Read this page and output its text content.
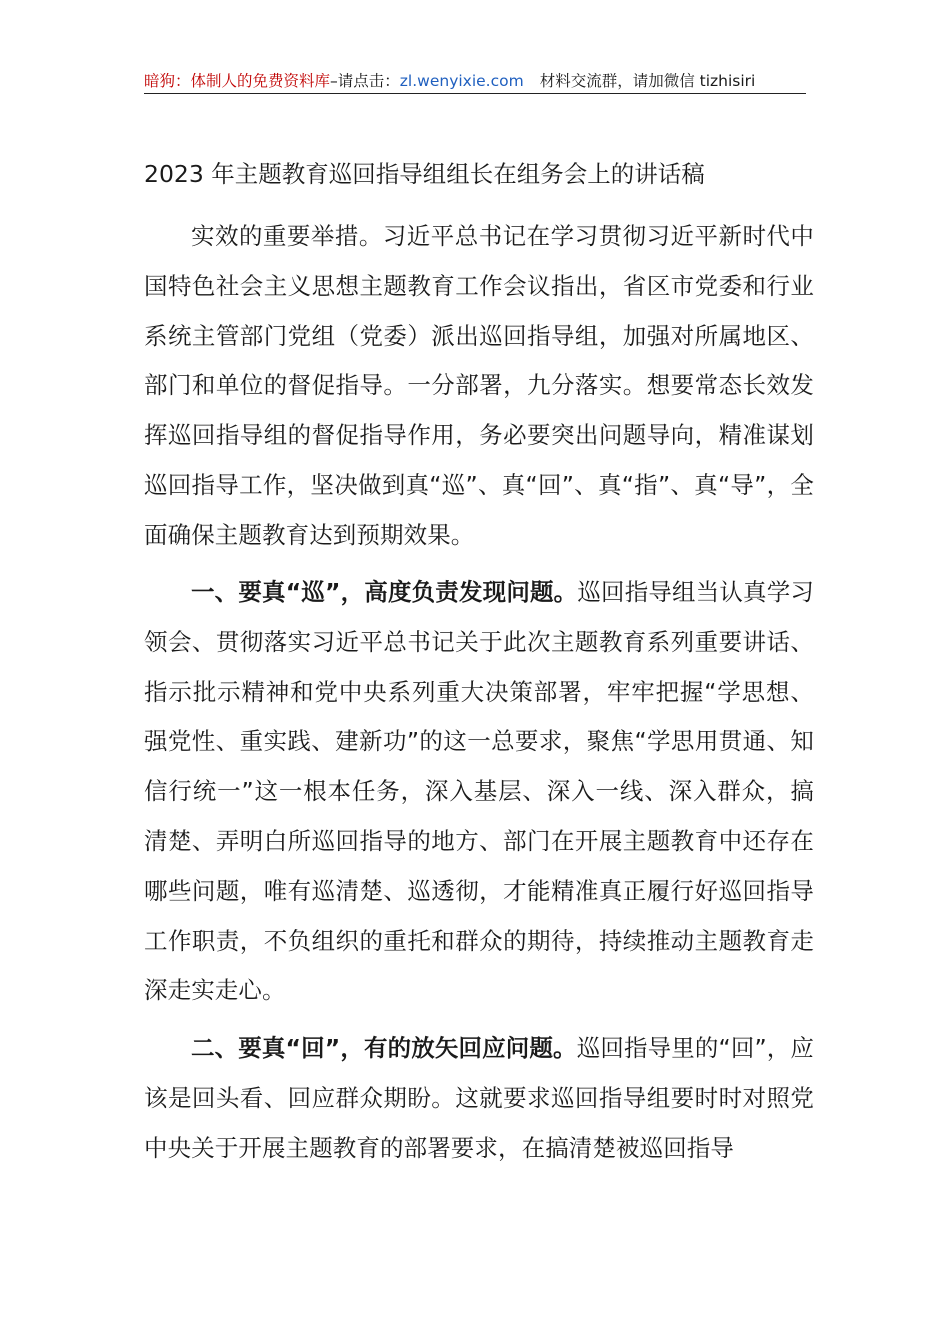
暗狗：体制人的免费资料库–请点击：zl.wenyixie.com 材料交流群，请加微信 tizhisiri
2023 年主题教育巡回指导组组长在组务会上的讲话稿

实效的重要举措。习近平总书记在学习贯彻习近平新时代中国特色社会主义思想主题教育工作会议指出，省区市党委和行业系统主管部门党组（党委）派出巡回指导组，加强对所属地区、部门和单位的督促指导。一分部署，九分落实。想要常态长效发挥巡回指导组的督促指导作用，务必要突出问题导向，精准谋划巡回指导工作，坚决做到真“巡”、真“回”、真“指”、真“导”，全面确保主题教育达到预期效果。

一、要真“巡”，高度负责发现问题。巡回指导组当认真学习领会、贯彻落实习近平总书记关于此次主题教育系列重要讲话、指示批示精神和党中央系列重大决策部署，牢牢把握“学思想、强党性、重实践、建新功”的这一总要求，聚焦“学思用贯通、知信行统一”这一根本任务，深入基层、深入一线、深入群众，搞清楚、弄明白所巡回指导的地方、部门在开展主题教育中还存在哪些问题，唯有巡清楚、巡透彻，才能精准真正履行好巡回指导工作职责，不负组织的重托和群众的期待，持续推动主题教育走深走实走心。

二、要真“回”，有的放矢回应问题。巡回指导里的“回”，应该是回头看、回应群众期盼。这就要求巡回指导组要时时对照党中央关于开展主题教育的部署要求，在搞清楚被巡回指导
